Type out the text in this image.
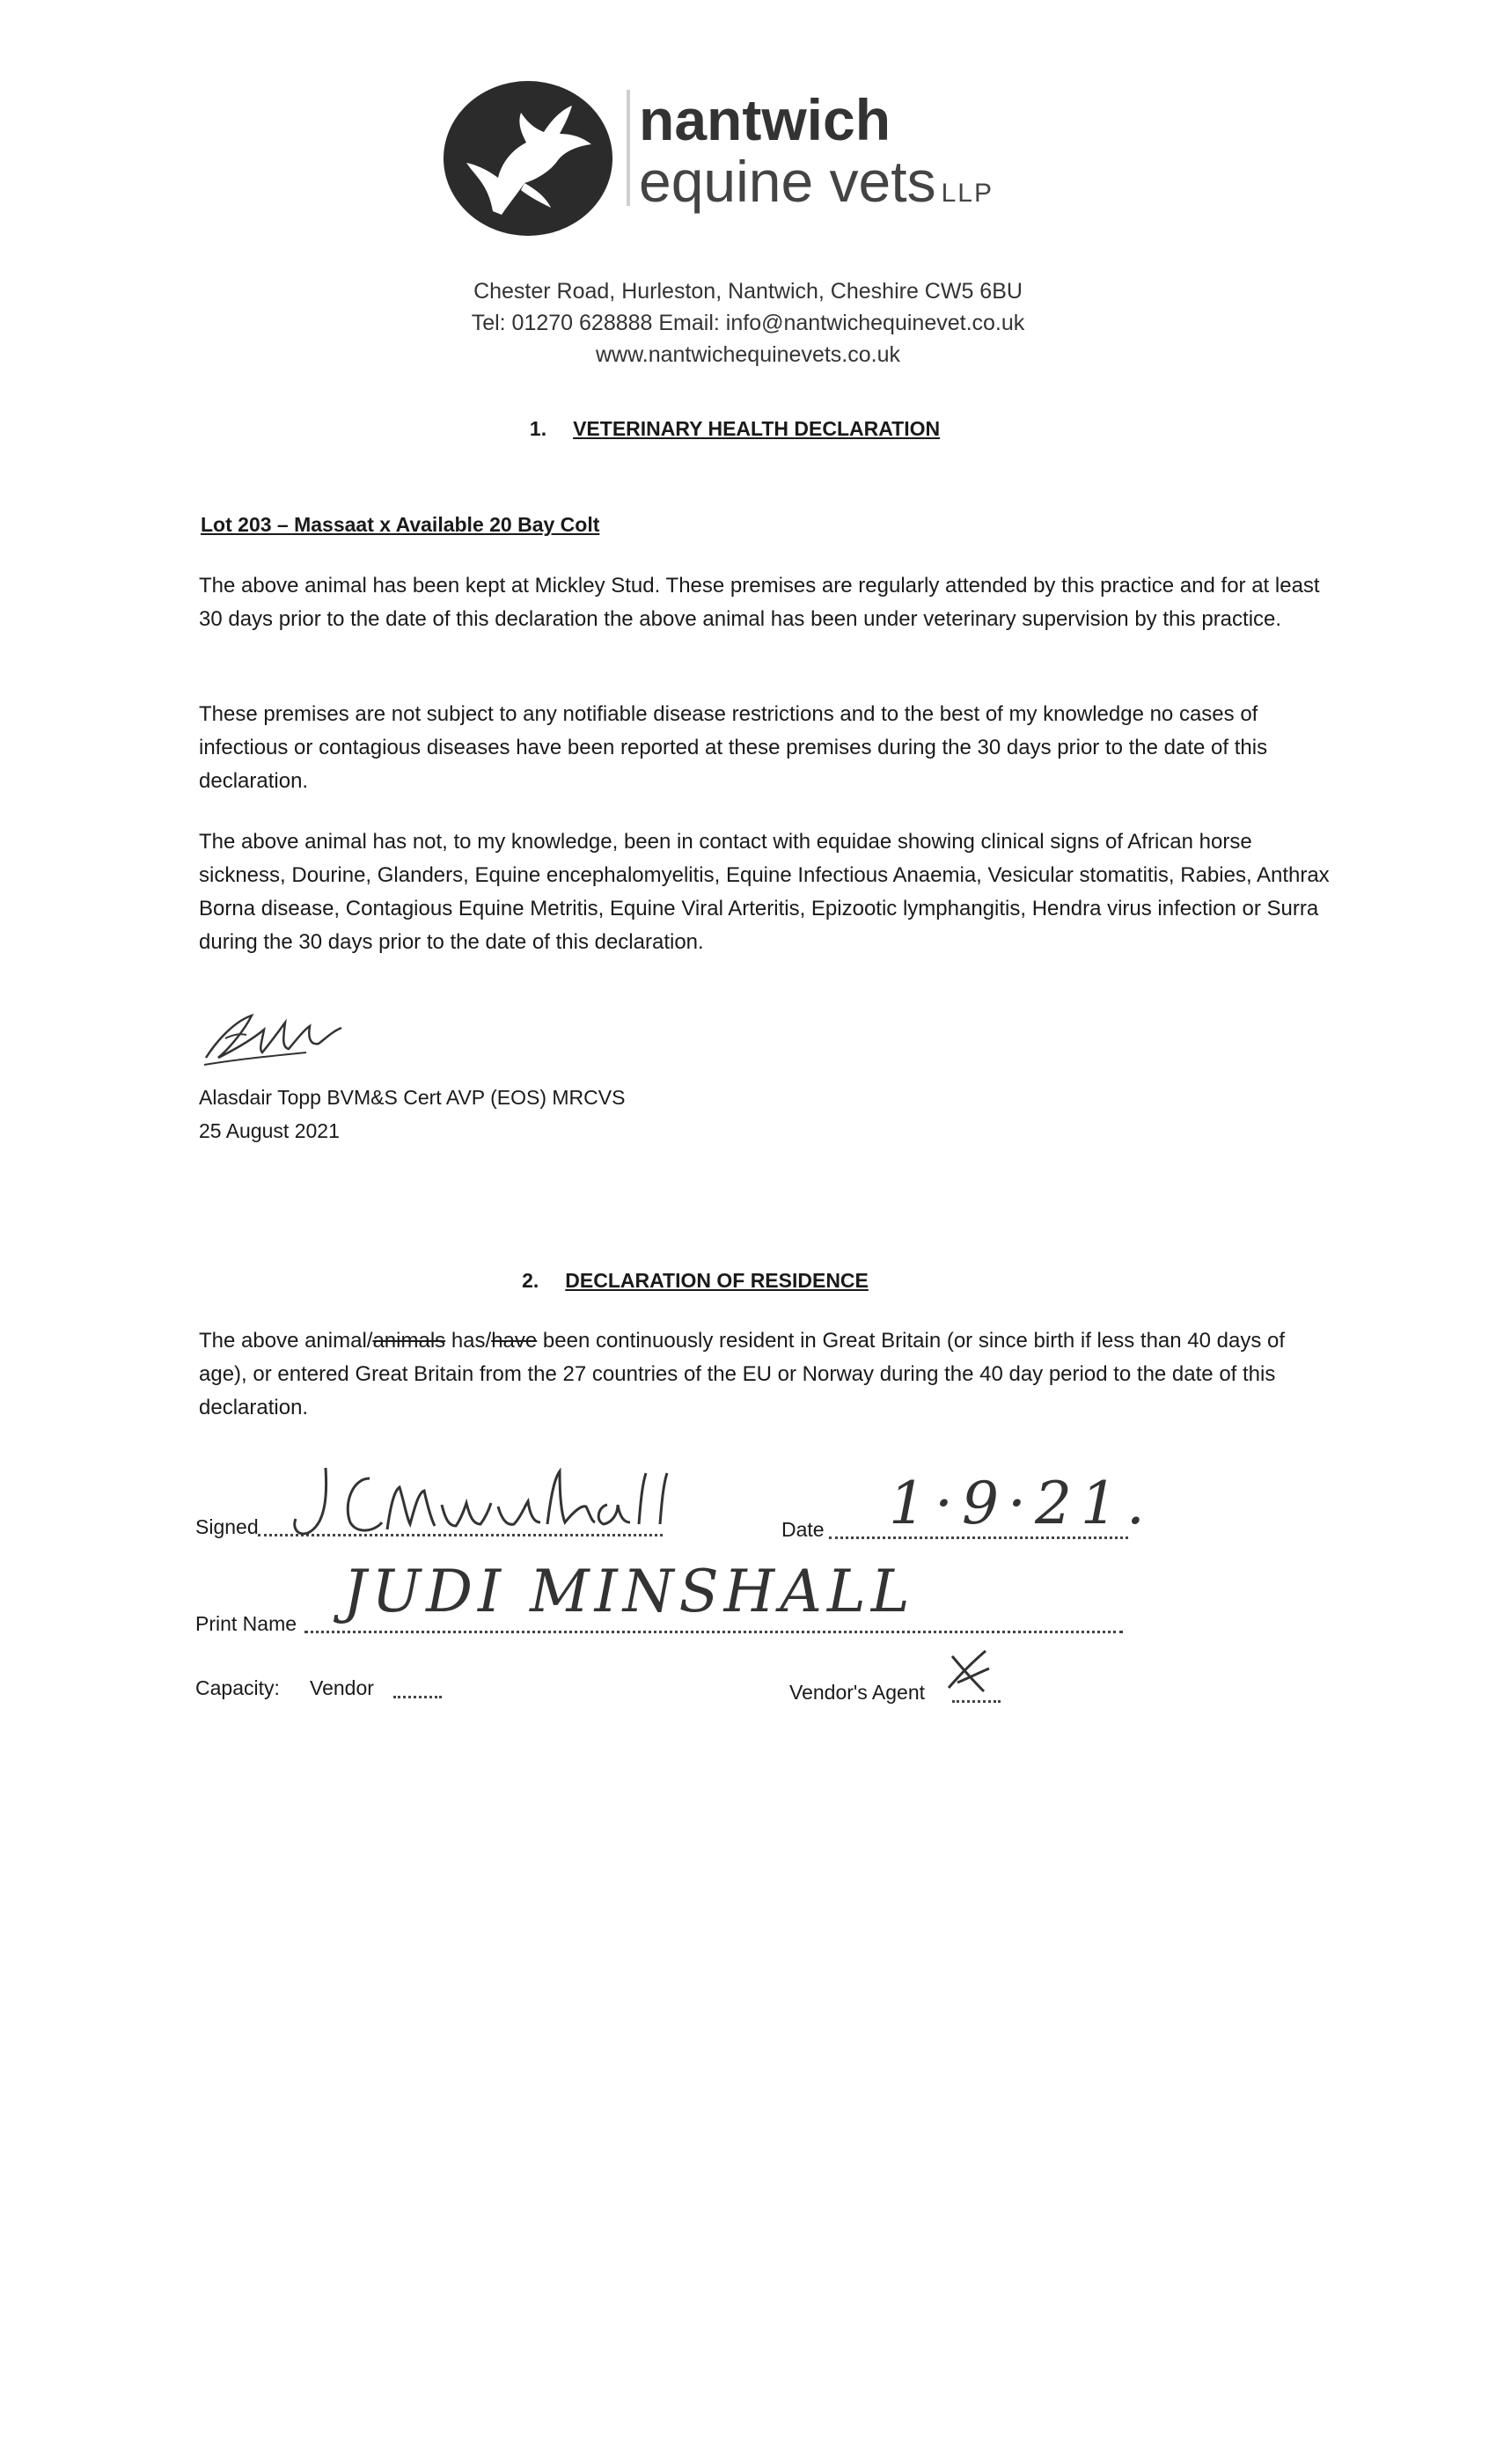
nantwich
equine vets LLP
Chester Road, Hurleston, Nantwich, Cheshire CW5 6BU
Tel: 01270 628888 Email: info@nantwichequinevet.co.uk
www.nantwichequinevets.co.uk
1. VETERINARY HEALTH DECLARATION
Lot 203 – Massaat x Available 20 Bay Colt
The above animal has been kept at Mickley Stud. These premises are regularly attended by this practice and for at least 30 days prior to the date of this declaration the above animal has been under veterinary supervision by this practice.
These premises are not subject to any notifiable disease restrictions and to the best of my knowledge no cases of infectious or contagious diseases have been reported at these premises during the 30 days prior to the date of this declaration.
The above animal has not, to my knowledge, been in contact with equidae showing clinical signs of African horse sickness, Dourine, Glanders, Equine encephalomyelitis, Equine Infectious Anaemia, Vesicular stomatitis, Rabies, Anthrax Borna disease, Contagious Equine Metritis, Equine Viral Arteritis, Epizootic lymphangitis, Hendra virus infection or Surra during the 30 days prior to the date of this declaration.
Alasdair Topp BVM&S Cert AVP (EOS) MRCVS
25 August 2021
2. DECLARATION OF RESIDENCE
The above animal/animals has/have been continuously resident in Great Britain (or since birth if less than 40 days of age), or entered Great Britain from the 27 countries of the EU or Norway during the 40 day period to the date of this declaration.
Signed	Date 1·9·21.
Print Name JUDI MINSHALL
Capacity: Vendor	Vendor's Agent
